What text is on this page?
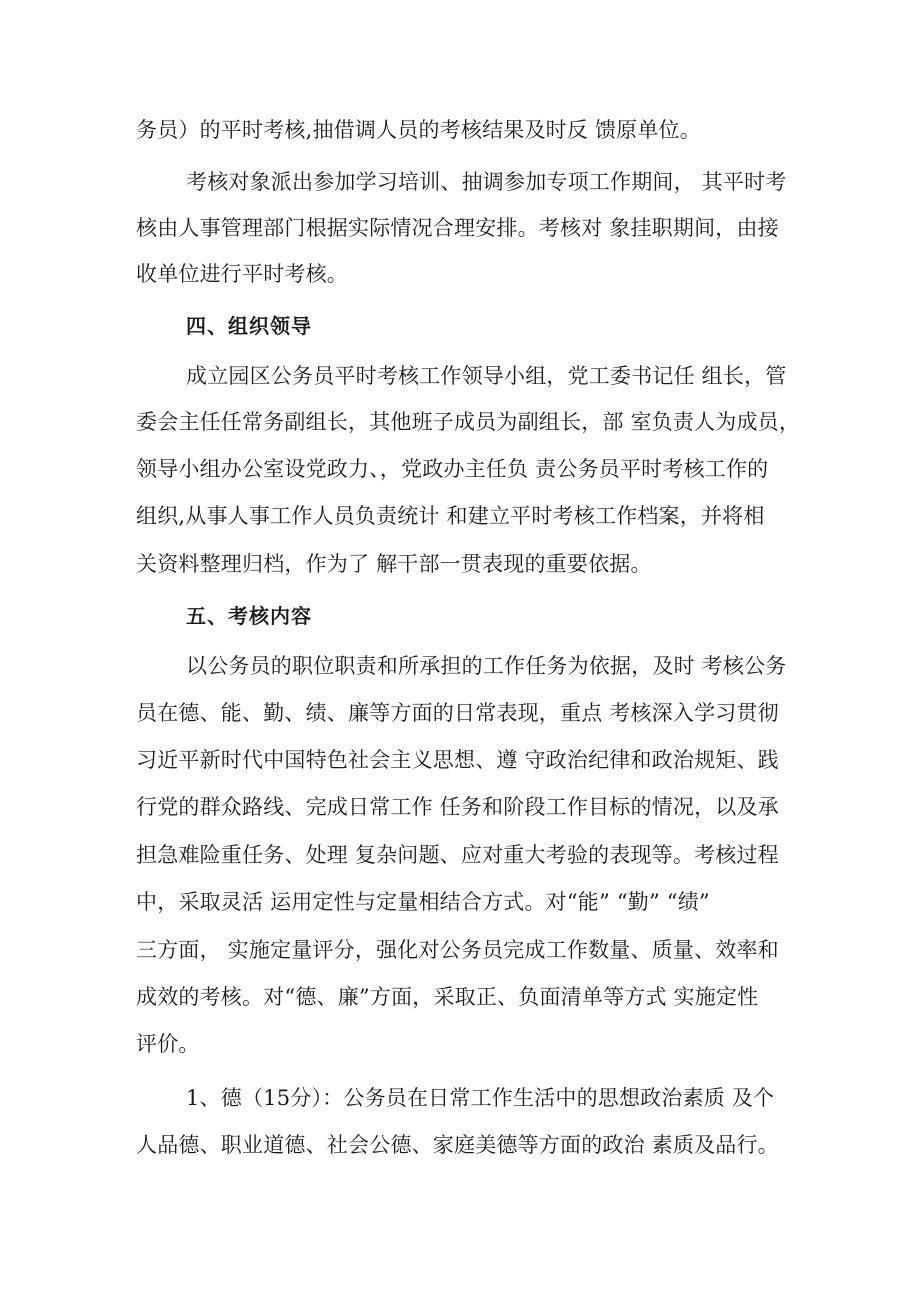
务员）的平时考核,抽借调人员的考核结果及时反 馈原单位。
考核对象派出参加学习培训、抽调参加专项工作期间， 其平时考
核由人事管理部门根据实际情况合理安排。考核对 象挂职期间，由接
收单位进行平时考核。
四、组织领导
成立园区公务员平时考核工作领导小组，党工委书记任 组长，管
委会主任任常务副组长，其他班子成员为副组长，部 室负责人为成员，
领导小组办公室设党政力、，党政办主任负 责公务员平时考核工作的
组织,从事人事工作人员负责统计 和建立平时考核工作档案，并将相
关资料整理归档，作为了 解干部一贯表现的重要依据。
五、考核内容
以公务员的职位职责和所承担的工作任务为依据，及时 考核公务
员在德、能、勤、绩、廉等方面的日常表现，重点 考核深入学习贯彻
习近平新时代中国特色社会主义思想、遵 守政治纪律和政治规矩、践
行党的群众路线、完成日常工作 任务和阶段工作目标的情况，以及承
担急难险重任务、处理 复杂问题、应对重大考验的表现等。考核过程
中，采取灵活 运用定性与定量相结合方式。对“能” “勤” “绩”
三方面， 实施定量评分，强化对公务员完成工作数量、质量、效率和
成效的考核。对“德、廉”方面，采取正、负面清单等方式 实施定性
评价。
1、德（15分）：公务员在日常工作生活中的思想政治素质 及个
人品德、职业道德、社会公德、家庭美德等方面的政治 素质及品行。
